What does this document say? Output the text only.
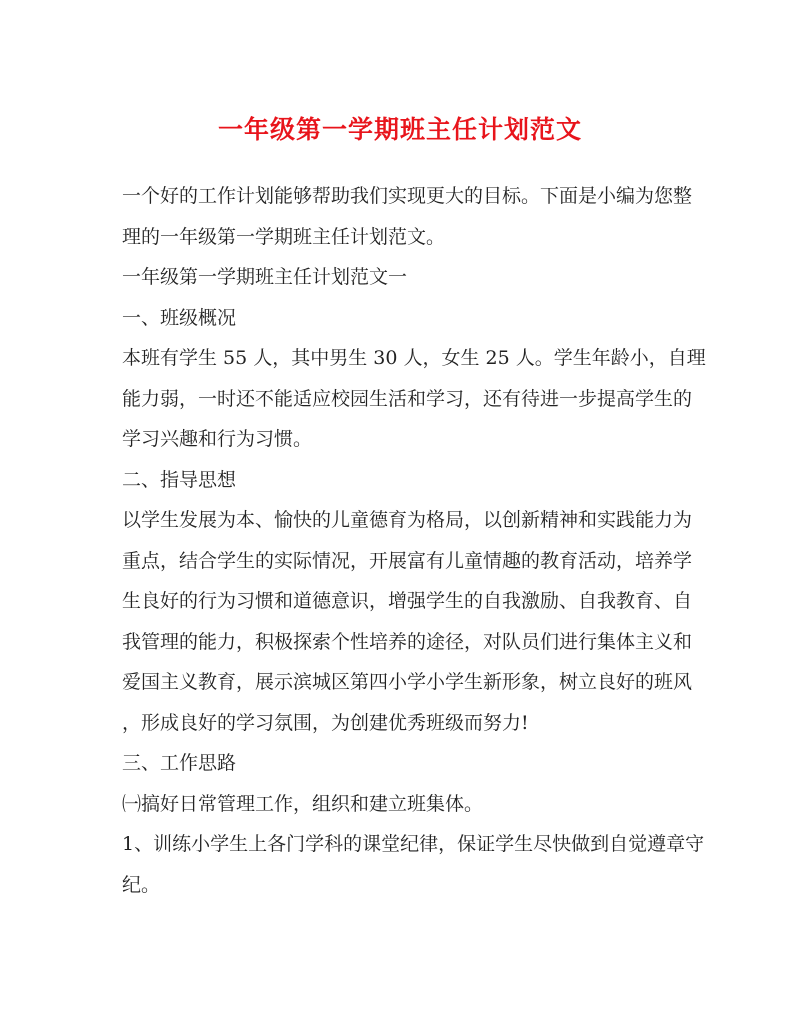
一年级第一学期班主任计划范文
一个好的工作计划能够帮助我们实现更大的目标。下面是小编为您整
理的一年级第一学期班主任计划范文。
一年级第一学期班主任计划范文一
一、班级概况
本班有学生 55 人，其中男生 30 人，女生 25 人。学生年龄小，自理
能力弱，一时还不能适应校园生活和学习，还有待进一步提高学生的
学习兴趣和行为习惯。
二、指导思想
以学生发展为本、愉快的儿童德育为格局，以创新精神和实践能力为
重点，结合学生的实际情况，开展富有儿童情趣的教育活动，培养学
生良好的行为习惯和道德意识，增强学生的自我激励、自我教育、自
我管理的能力，积极探索个性培养的途径，对队员们进行集体主义和
爱国主义教育，展示滨城区第四小学小学生新形象，树立良好的班风
，形成良好的学习氛围，为创建优秀班级而努力!
三、工作思路
㈠搞好日常管理工作，组织和建立班集体。
1、训练小学生上各门学科的课堂纪律，保证学生尽快做到自觉遵章守
纪。
